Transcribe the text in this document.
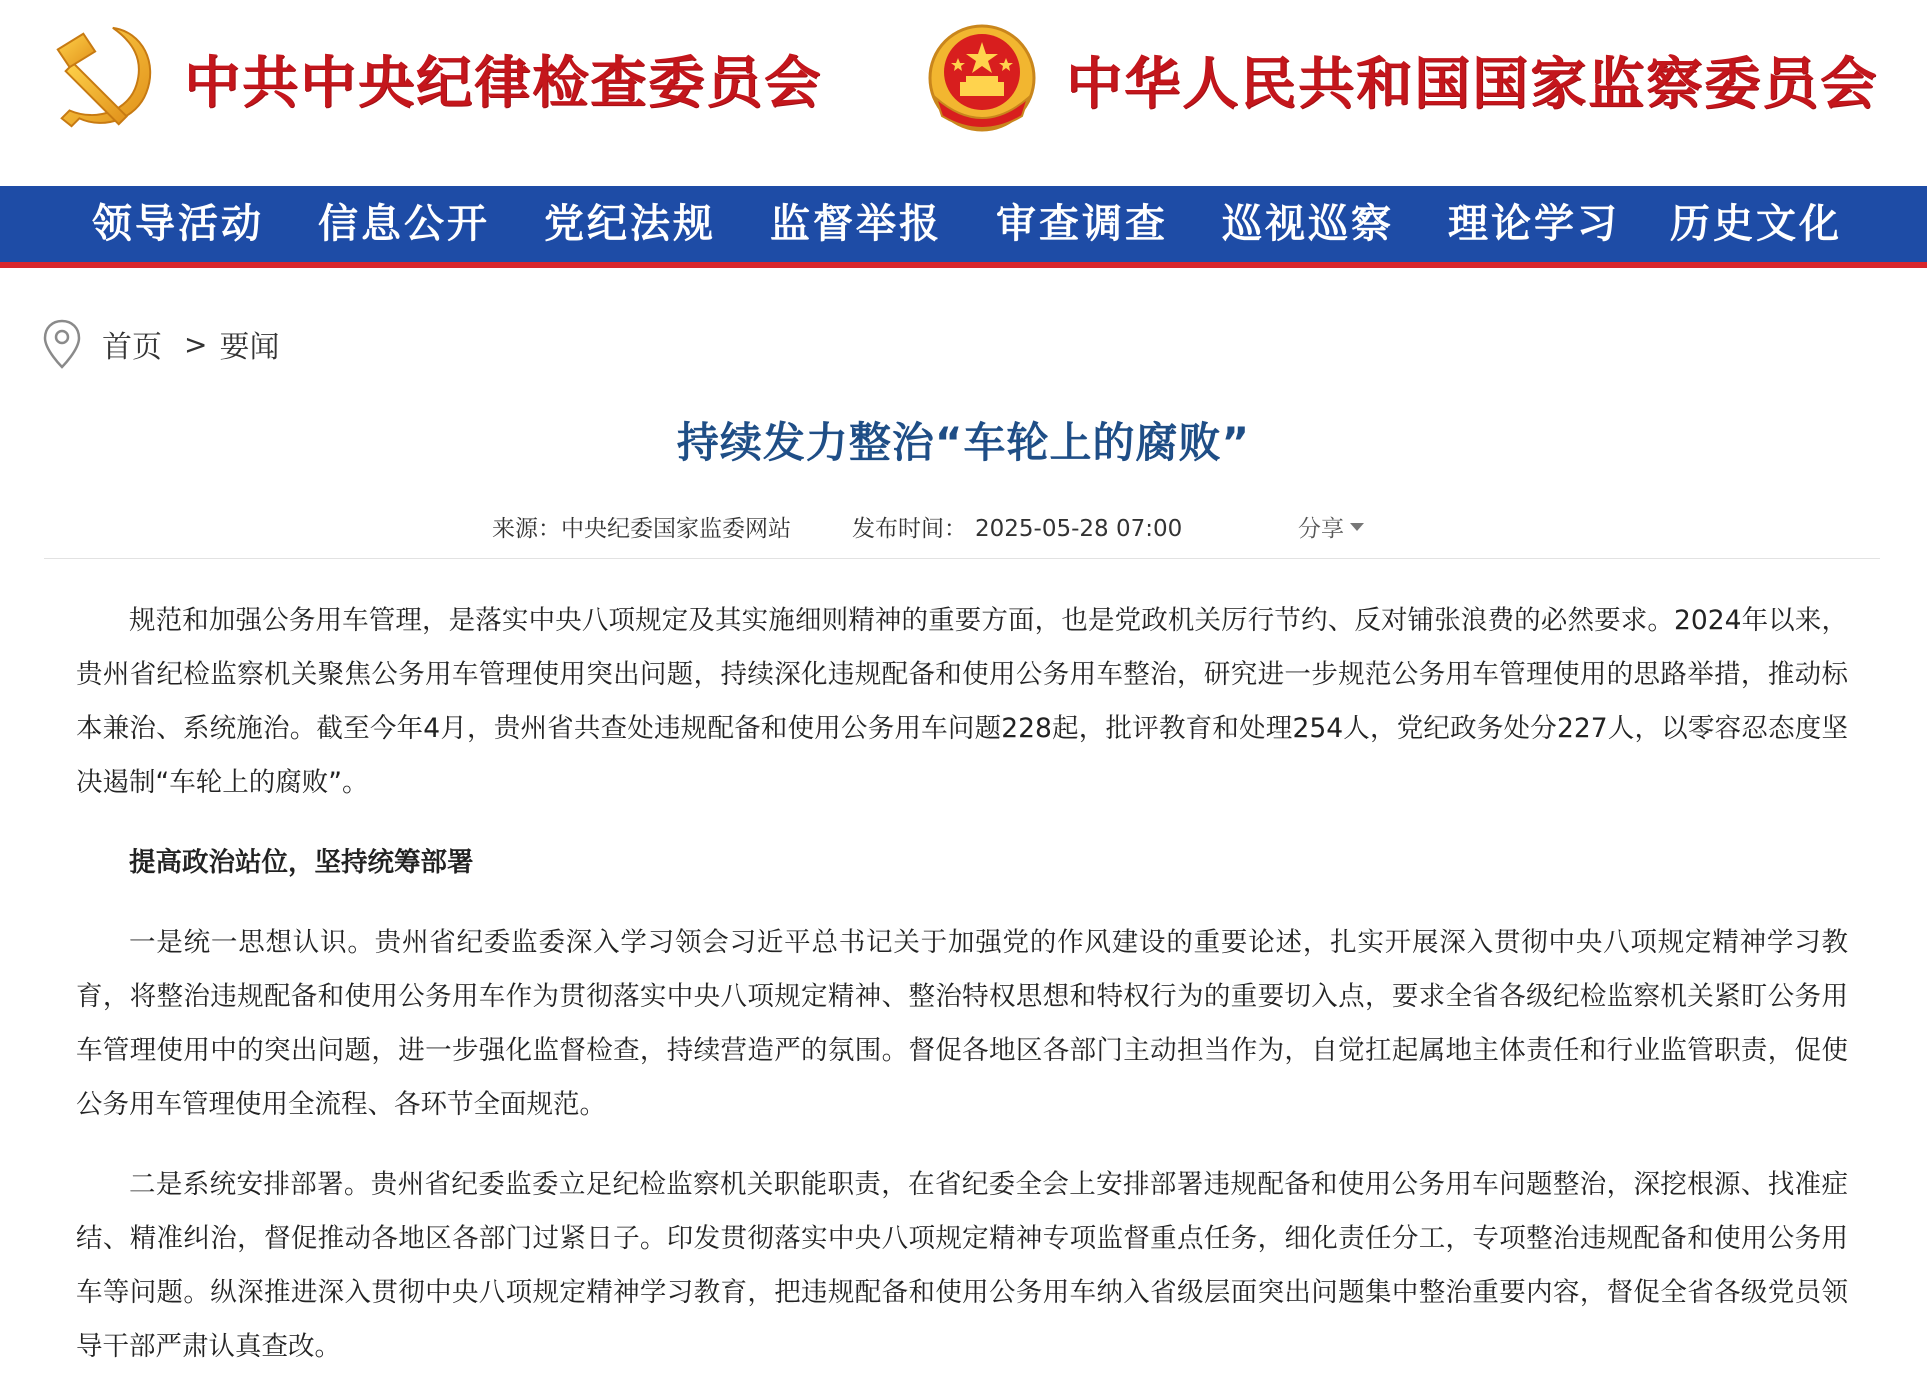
中共中央纪律检查委员会	中华人民共和国国家监察委员会
领导活动 信息公开 党纪法规 监督举报 审查调查 巡视巡察 理论学习 历史文化
首页 > 要闻
持续发力整治“车轮上的腐败”
来源：中央纪委国家监委网站	发布时间： 2025-05-28 07:00	分享

规范和加强公务用车管理，是落实中央八项规定及其实施细则精神的重要方面，也是党政机关厉行节约、反对铺张浪费的必然要求。2024年以来，贵州省纪检监察机关聚焦公务用车管理使用突出问题，持续深化违规配备和使用公务用车整治，研究进一步规范公务用车管理使用的思路举措，推动标本兼治、系统施治。截至今年4月，贵州省共查处违规配备和使用公务用车问题228起，批评教育和处理254人，党纪政务处分227人，以零容忍态度坚决遏制“车轮上的腐败”。

提高政治站位，坚持统筹部署

一是统一思想认识。贵州省纪委监委深入学习领会习近平总书记关于加强党的作风建设的重要论述，扎实开展深入贯彻中央八项规定精神学习教育，将整治违规配备和使用公务用车作为贯彻落实中央八项规定精神、整治特权思想和特权行为的重要切入点，要求全省各级纪检监察机关紧盯公务用车管理使用中的突出问题，进一步强化监督检查，持续营造严的氛围。督促各地区各部门主动担当作为，自觉扛起属地主体责任和行业监管职责，促使公务用车管理使用全流程、各环节全面规范。

二是系统安排部署。贵州省纪委监委立足纪检监察机关职能职责，在省纪委全会上安排部署违规配备和使用公务用车问题整治，深挖根源、找准症结、精准纠治，督促推动各地区各部门过紧日子。印发贯彻落实中央八项规定精神专项监督重点任务，细化责任分工，专项整治违规配备和使用公务用车等问题。纵深推进深入贯彻中央八项规定精神学习教育，把违规配备和使用公务用车纳入省级层面突出问题集中整治重要内容，督促全省各级党员领导干部严肃认真查改。
